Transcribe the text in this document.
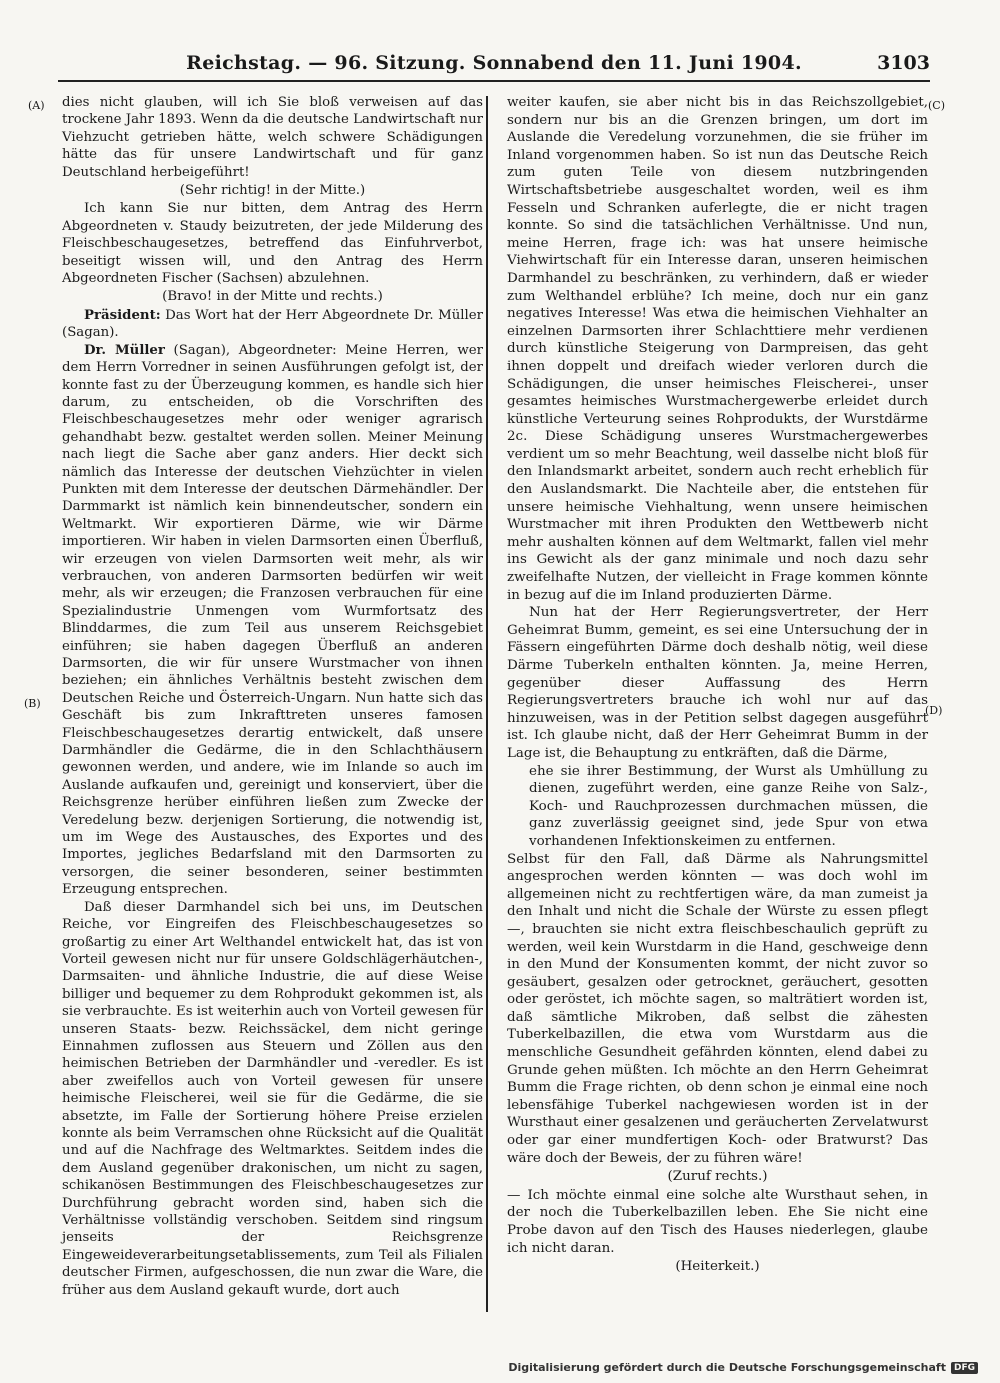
Reichstag. — 96. Sitzung. Sonnabend den 11. Juni 1904.	3103
(A)
(B)
(C)
(D)

dies nicht glauben, will ich Sie bloß verweisen auf das trockene Jahr 1893. Wenn da die deutsche Landwirtschaft nur Viehzucht getrieben hätte, welch schwere Schädigungen hätte das für unsere Landwirtschaft und für ganz Deutschland herbeigeführt!

(Sehr richtig! in der Mitte.)

Ich kann Sie nur bitten, dem Antrag des Herrn Abgeordneten v. Staudy beizutreten, der jede Milderung des Fleischbeschaugesetzes, betreffend das Einfuhrverbot, beseitigt wissen will, und den Antrag des Herrn Abgeordneten Fischer (Sachsen) abzulehnen.

(Bravo! in der Mitte und rechts.)

Präsident: Das Wort hat der Herr Abgeordnete Dr. Müller (Sagan).

Dr. Müller (Sagan), Abgeordneter: Meine Herren, wer dem Herrn Vorredner in seinen Ausführungen gefolgt ist, der konnte fast zu der Überzeugung kommen, es handle sich hier darum, zu entscheiden, ob die Vorschriften des Fleischbeschaugesetzes mehr oder weniger agrarisch gehandhabt bezw. gestaltet werden sollen. Meiner Meinung nach liegt die Sache aber ganz anders. Hier deckt sich nämlich das Interesse der deutschen Viehzüchter in vielen Punkten mit dem Interesse der deutschen Därmehändler. Der Darmmarkt ist nämlich kein binnendeutscher, sondern ein Weltmarkt. Wir exportieren Därme, wie wir Därme importieren. Wir haben in vielen Darmsorten einen Überfluß, wir erzeugen von vielen Darmsorten weit mehr, als wir verbrauchen, von anderen Darmsorten bedürfen wir weit mehr, als wir erzeugen; die Franzosen verbrauchen für eine Spezialindustrie Unmengen vom Wurmfortsatz des Blinddarmes, die zum Teil aus unserem Reichsgebiet einführen; sie haben dagegen Überfluß an anderen Darmsorten, die wir für unsere Wurstmacher von ihnen beziehen; ein ähnliches Verhältnis besteht zwischen dem Deutschen Reiche und Österreich-Ungarn. Nun hatte sich das Geschäft bis zum Inkrafttreten unseres famosen Fleischbeschaugesetzes derartig entwickelt, daß unsere Darmhändler die Gedärme, die in den Schlachthäusern gewonnen werden, und andere, wie im Inlande so auch im Auslande aufkaufen und, gereinigt und konserviert, über die Reichsgrenze herüber einführen ließen zum Zwecke der Veredelung bezw. derjenigen Sortierung, die notwendig ist, um im Wege des Austausches, des Exportes und des Importes, jegliches Bedarfsland mit den Darmsorten zu versorgen, die seiner besonderen, seiner bestimmten Erzeugung entsprechen.

Daß dieser Darmhandel sich bei uns, im Deutschen Reiche, vor Eingreifen des Fleischbeschaugesetzes so großartig zu einer Art Welthandel entwickelt hat, das ist von Vorteil gewesen nicht nur für unsere Goldschlägerhäutchen-, Darmsaiten- und ähnliche Industrie, die auf diese Weise billiger und bequemer zu dem Rohprodukt gekommen ist, als sie verbrauchte. Es ist weiterhin auch von Vorteil gewesen für unseren Staats- bezw. Reichssäckel, dem nicht geringe Einnahmen zuflossen aus Steuern und Zöllen aus den heimischen Betrieben der Darmhändler und -veredler. Es ist aber zweifellos auch von Vorteil gewesen für unsere heimische Fleischerei, weil sie für die Gedärme, die sie absetzte, im Falle der Sortierung höhere Preise erzielen konnte als beim Verramschen ohne Rücksicht auf die Qualität und auf die Nachfrage des Weltmarktes. Seitdem indes die dem Ausland gegenüber drakonischen, um nicht zu sagen, schikanösen Bestimmungen des Fleischbeschaugesetzes zur Durchführung gebracht worden sind, haben sich die Verhältnisse vollständig verschoben. Seitdem sind ringsum jenseits der Reichsgrenze Eingeweideverarbeitungsetablissements, zum Teil als Filialen deutscher Firmen, aufgeschossen, die nun zwar die Ware, die früher aus dem Ausland gekauft wurde, dort auch

weiter kaufen, sie aber nicht bis in das Reichszollgebiet, sondern nur bis an die Grenzen bringen, um dort im Auslande die Veredelung vorzunehmen, die sie früher im Inland vorgenommen haben. So ist nun das Deutsche Reich zum guten Teile von diesem nutzbringenden Wirtschaftsbetriebe ausgeschaltet worden, weil es ihm Fesseln und Schranken auferlegte, die er nicht tragen konnte. So sind die tatsächlichen Verhältnisse. Und nun, meine Herren, frage ich: was hat unsere heimische Viehwirtschaft für ein Interesse daran, unseren heimischen Darmhandel zu beschränken, zu verhindern, daß er wieder zum Welthandel erblühe? Ich meine, doch nur ein ganz negatives Interesse! Was etwa die heimischen Viehhalter an einzelnen Darmsorten ihrer Schlachttiere mehr verdienen durch künstliche Steigerung von Darmpreisen, das geht ihnen doppelt und dreifach wieder verloren durch die Schädigungen, die unser heimisches Fleischerei-, unser gesamtes heimisches Wurstmachergewerbe erleidet durch künstliche Verteurung seines Rohprodukts, der Wurstdärme 2c. Diese Schädigung unseres Wurstmachergewerbes verdient um so mehr Beachtung, weil dasselbe nicht bloß für den Inlandsmarkt arbeitet, sondern auch recht erheblich für den Auslandsmarkt. Die Nachteile aber, die entstehen für unsere heimische Viehhaltung, wenn unsere heimischen Wurstmacher mit ihren Produkten den Wettbewerb nicht mehr aushalten können auf dem Weltmarkt, fallen viel mehr ins Gewicht als der ganz minimale und noch dazu sehr zweifelhafte Nutzen, der vielleicht in Frage kommen könnte in bezug auf die im Inland produzierten Därme.

Nun hat der Herr Regierungsvertreter, der Herr Geheimrat Bumm, gemeint, es sei eine Untersuchung der in Fässern eingeführten Därme doch deshalb nötig, weil diese Därme Tuberkeln enthalten könnten. Ja, meine Herren, gegenüber dieser Auffassung des Herrn Regierungsvertreters brauche ich wohl nur auf das hinzuweisen, was in der Petition selbst dagegen ausgeführt ist. Ich glaube nicht, daß der Herr Geheimrat Bumm in der Lage ist, die Behauptung zu entkräften, daß die Därme,

ehe sie ihrer Bestimmung, der Wurst als Umhüllung zu dienen, zugeführt werden, eine ganze Reihe von Salz-, Koch- und Rauchprozessen durchmachen müssen, die ganz zuverlässig geeignet sind, jede Spur von etwa vorhandenen Infektionskeimen zu entfernen.

Selbst für den Fall, daß Därme als Nahrungsmittel angesprochen werden könnten — was doch wohl im allgemeinen nicht zu rechtfertigen wäre, da man zumeist ja den Inhalt und nicht die Schale der Würste zu essen pflegt —, brauchten sie nicht extra fleischbeschaulich geprüft zu werden, weil kein Wurstdarm in die Hand, geschweige denn in den Mund der Konsumenten kommt, der nicht zuvor so gesäubert, gesalzen oder getrocknet, geräuchert, gesotten oder geröstet, ich möchte sagen, so malträtiert worden ist, daß sämtliche Mikroben, daß selbst die zähesten Tuberkelbazillen, die etwa vom Wurstdarm aus die menschliche Gesundheit gefährden könnten, elend dabei zu Grunde gehen müßten. Ich möchte an den Herrn Geheimrat Bumm die Frage richten, ob denn schon je einmal eine noch lebensfähige Tuberkel nachgewiesen worden ist in der Wursthaut einer gesalzenen und geräucherten Zervelatwurst oder gar einer mundfertigen Koch- oder Bratwurst? Das wäre doch der Beweis, der zu führen wäre!

(Zuruf rechts.)

— Ich möchte einmal eine solche alte Wursthaut sehen, in der noch die Tuberkelbazillen leben. Ehe Sie nicht eine Probe davon auf den Tisch des Hauses niederlegen, glaube ich nicht daran.

(Heiterkeit.)

Digitalisierung gefördert durch die Deutsche Forschungsgemeinschaft DFG
